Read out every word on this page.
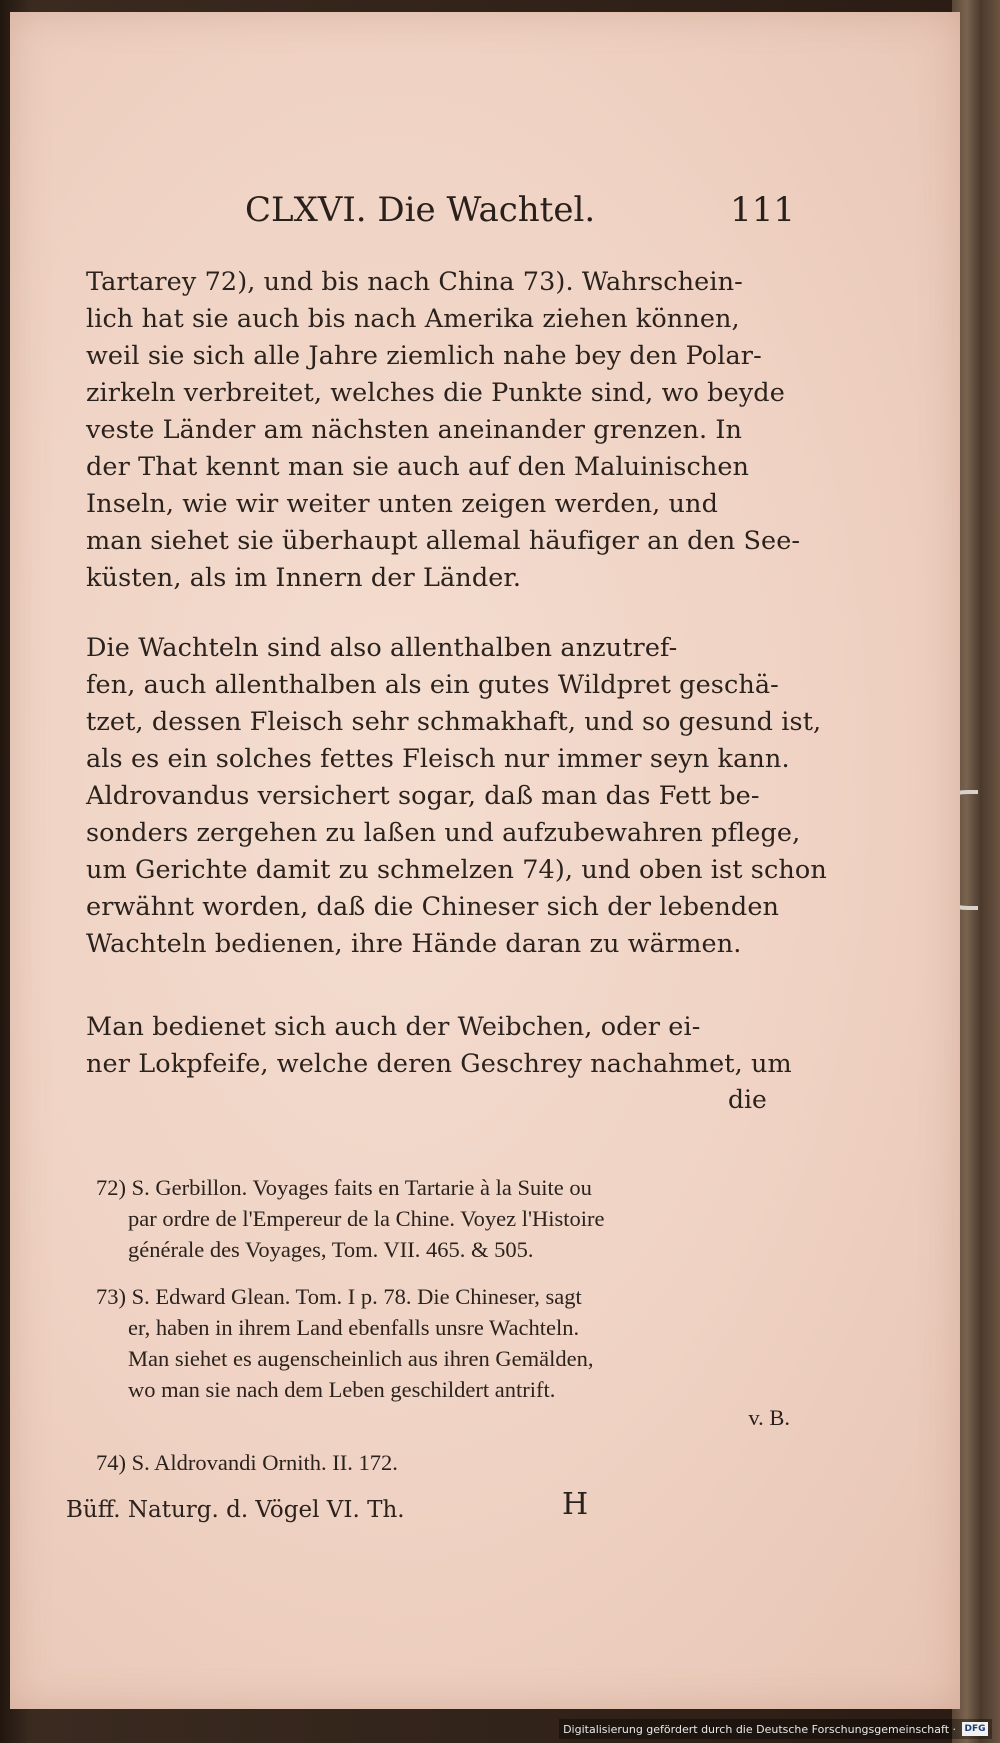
CLXVI. Die Wachtel.	111
Tartarey 72), und bis nach China 73). Wahrschein-
lich hat sie auch bis nach Amerika ziehen können,
weil sie sich alle Jahre ziemlich nahe bey den Polar-
zirkeln verbreitet, welches die Punkte sind, wo beyde
veste Länder am nächsten aneinander grenzen. In
der That kennt man sie auch auf den Maluinischen
Inseln, wie wir weiter unten zeigen werden, und
man siehet sie überhaupt allemal häufiger an den See-
küsten, als im Innern der Länder.
Die Wachteln sind also allenthalben anzutref-
fen, auch allenthalben als ein gutes Wildpret geschä-
tzet, dessen Fleisch sehr schmakhaft, und so gesund ist,
als es ein solches fettes Fleisch nur immer seyn kann.
Aldrovandus versichert sogar, daß man das Fett be-
sonders zergehen zu laßen und aufzubewahren pflege,
um Gerichte damit zu schmelzen 74), und oben ist schon
erwähnt worden, daß die Chineser sich der lebenden
Wachteln bedienen, ihre Hände daran zu wärmen.
Man bedienet sich auch der Weibchen, oder ei-
ner Lokpfeife, welche deren Geschrey nachahmet, um
die
72) S. Gerbillon. Voyages faits en Tartarie à la Suite ou
par ordre de l'Empereur de la Chine. Voyez l'Histoire
générale des Voyages, Tom. VII. 465. & 505.
73) S. Edward Glean. Tom. I p. 78. Die Chineser, sagt
er, haben in ihrem Land ebenfalls unsre Wachteln.
Man siehet es augenscheinlich aus ihren Gemälden,
wo man sie nach dem Leben geschildert antrift.
v. B.
74) S. Aldrovandi Ornith. II. 172.
Büff. Naturg. d. Vögel VI. Th.	H
Digitalisierung gefördert durch die Deutsche Forschungsgemeinschaft · DFG
